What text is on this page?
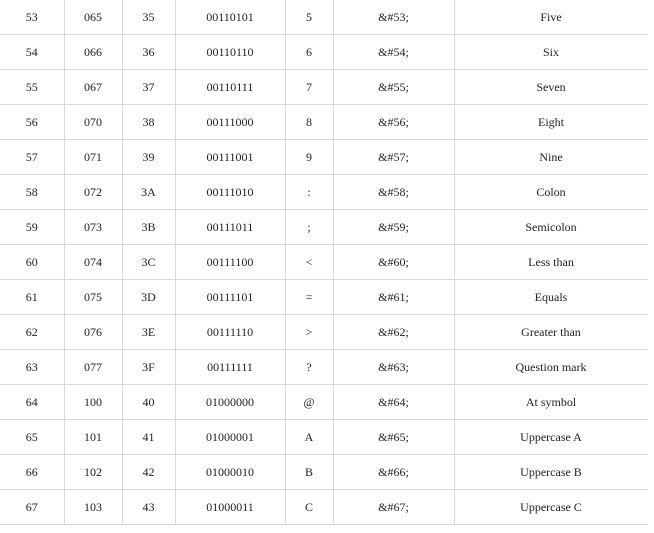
53	065	35	00110101	5	&#53;	Five
54	066	36	00110110	6	&#54;	Six
55	067	37	00110111	7	&#55;	Seven
56	070	38	00111000	8	&#56;	Eight
57	071	39	00111001	9	&#57;	Nine
58	072	3A	00111010	:	&#58;	Colon
59	073	3B	00111011	;	&#59;	Semicolon
60	074	3C	00111100	<	&#60;	Less than
61	075	3D	00111101	=	&#61;	Equals
62	076	3E	00111110	>	&#62;	Greater than
63	077	3F	00111111	?	&#63;	Question mark
64	100	40	01000000	@	&#64;	At symbol
65	101	41	01000001	A	&#65;	Uppercase A
66	102	42	01000010	B	&#66;	Uppercase B
67	103	43	01000011	C	&#67;	Uppercase C
